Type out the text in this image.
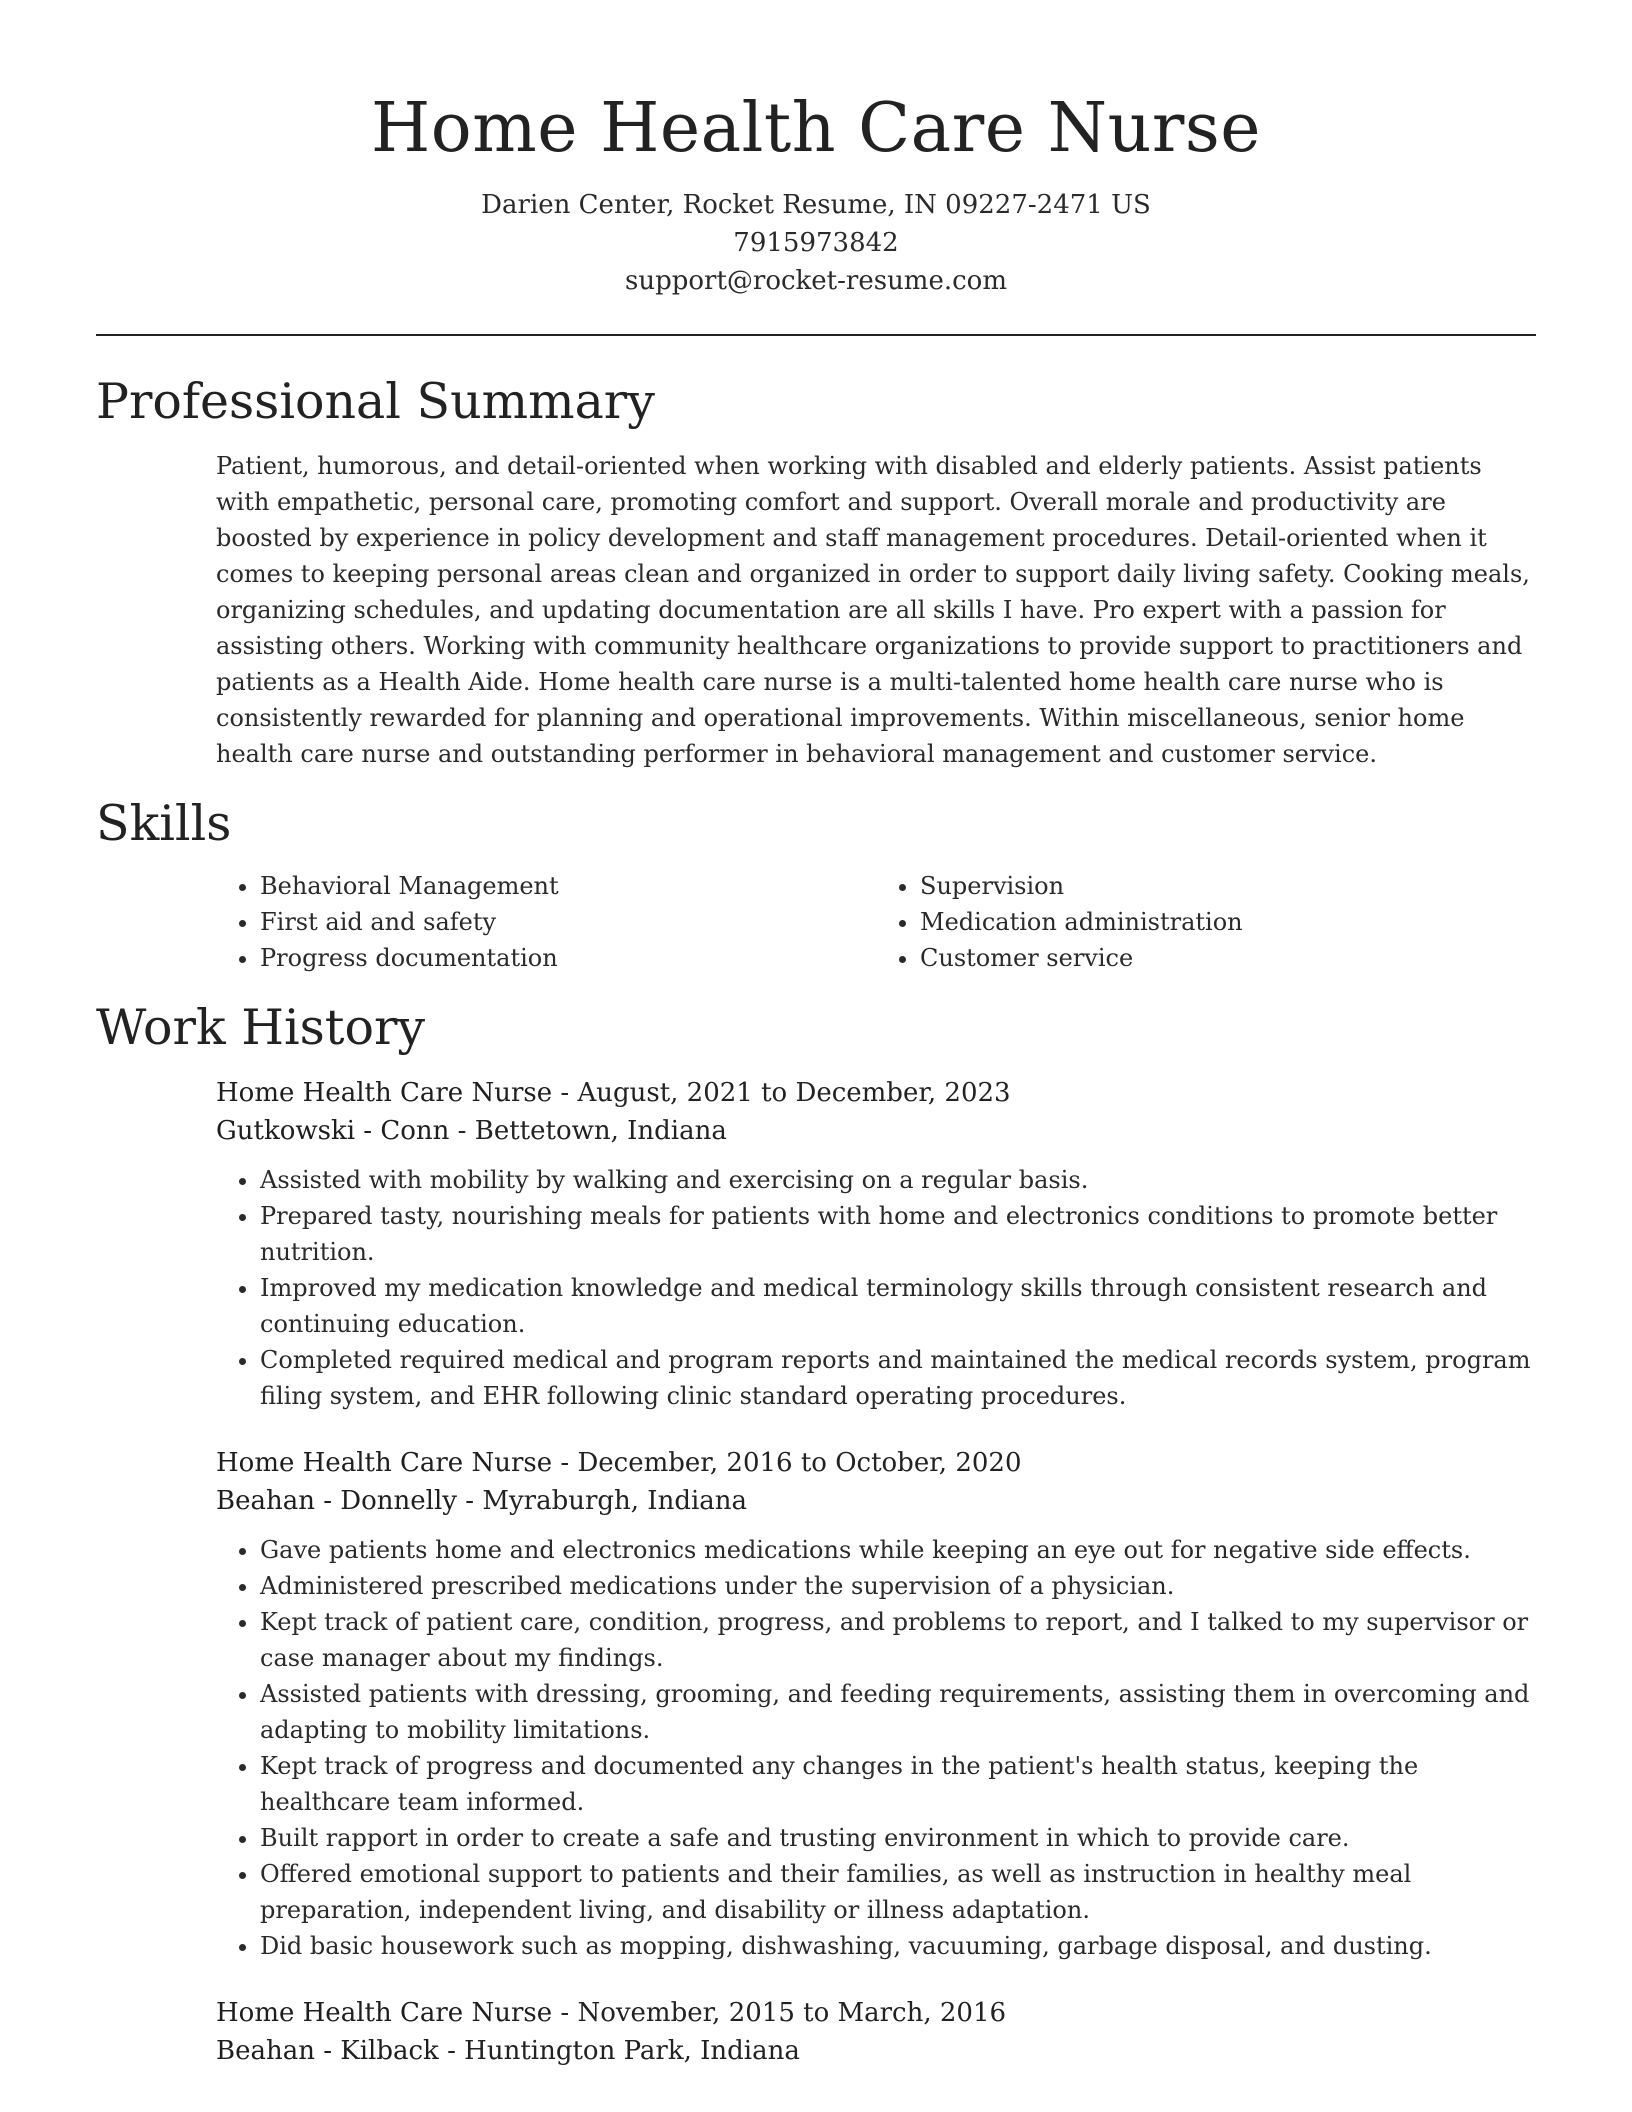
Home Health Care Nurse

Darien Center, Rocket Resume, IN 09227-2471 US

7915973842

support@rocket-resume.com

Professional Summary

Patient, humorous, and detail-oriented when working with disabled and elderly patients. Assist patients with empathetic, personal care, promoting comfort and support. Overall morale and productivity are boosted by experience in policy development and staff management procedures. Detail-oriented when it comes to keeping personal areas clean and organized in order to support daily living safety. Cooking meals, organizing schedules, and updating documentation are all skills I have. Pro expert with a passion for assisting others. Working with community healthcare organizations to provide support to practitioners and patients as a Health Aide. Home health care nurse is a multi-talented home health care nurse who is consistently rewarded for planning and operational improvements. Within miscellaneous, senior home health care nurse and outstanding performer in behavioral management and customer service.

Skills
• Behavioral Management
• First aid and safety
• Progress documentation
• Supervision
• Medication administration
• Customer service
Work History

Home Health Care Nurse - August, 2021 to December, 2023

Gutkowski - Conn - Bettetown, Indiana

• Assisted with mobility by walking and exercising on a regular basis.
• Prepared tasty, nourishing meals for patients with home and electronics conditions to promote better nutrition.
• Improved my medication knowledge and medical terminology skills through consistent research and continuing education.
• Completed required medical and program reports and maintained the medical records system, program filing system, and EHR following clinic standard operating procedures.

Home Health Care Nurse - December, 2016 to October, 2020

Beahan - Donnelly - Myraburgh, Indiana

• Gave patients home and electronics medications while keeping an eye out for negative side effects.
• Administered prescribed medications under the supervision of a physician.
• Kept track of patient care, condition, progress, and problems to report, and I talked to my supervisor or case manager about my findings.
• Assisted patients with dressing, grooming, and feeding requirements, assisting them in overcoming and adapting to mobility limitations.
• Kept track of progress and documented any changes in the patient's health status, keeping the healthcare team informed.
• Built rapport in order to create a safe and trusting environment in which to provide care.
• Offered emotional support to patients and their families, as well as instruction in healthy meal preparation, independent living, and disability or illness adaptation.
• Did basic housework such as mopping, dishwashing, vacuuming, garbage disposal, and dusting.

Home Health Care Nurse - November, 2015 to March, 2016

Beahan - Kilback - Huntington Park, Indiana
